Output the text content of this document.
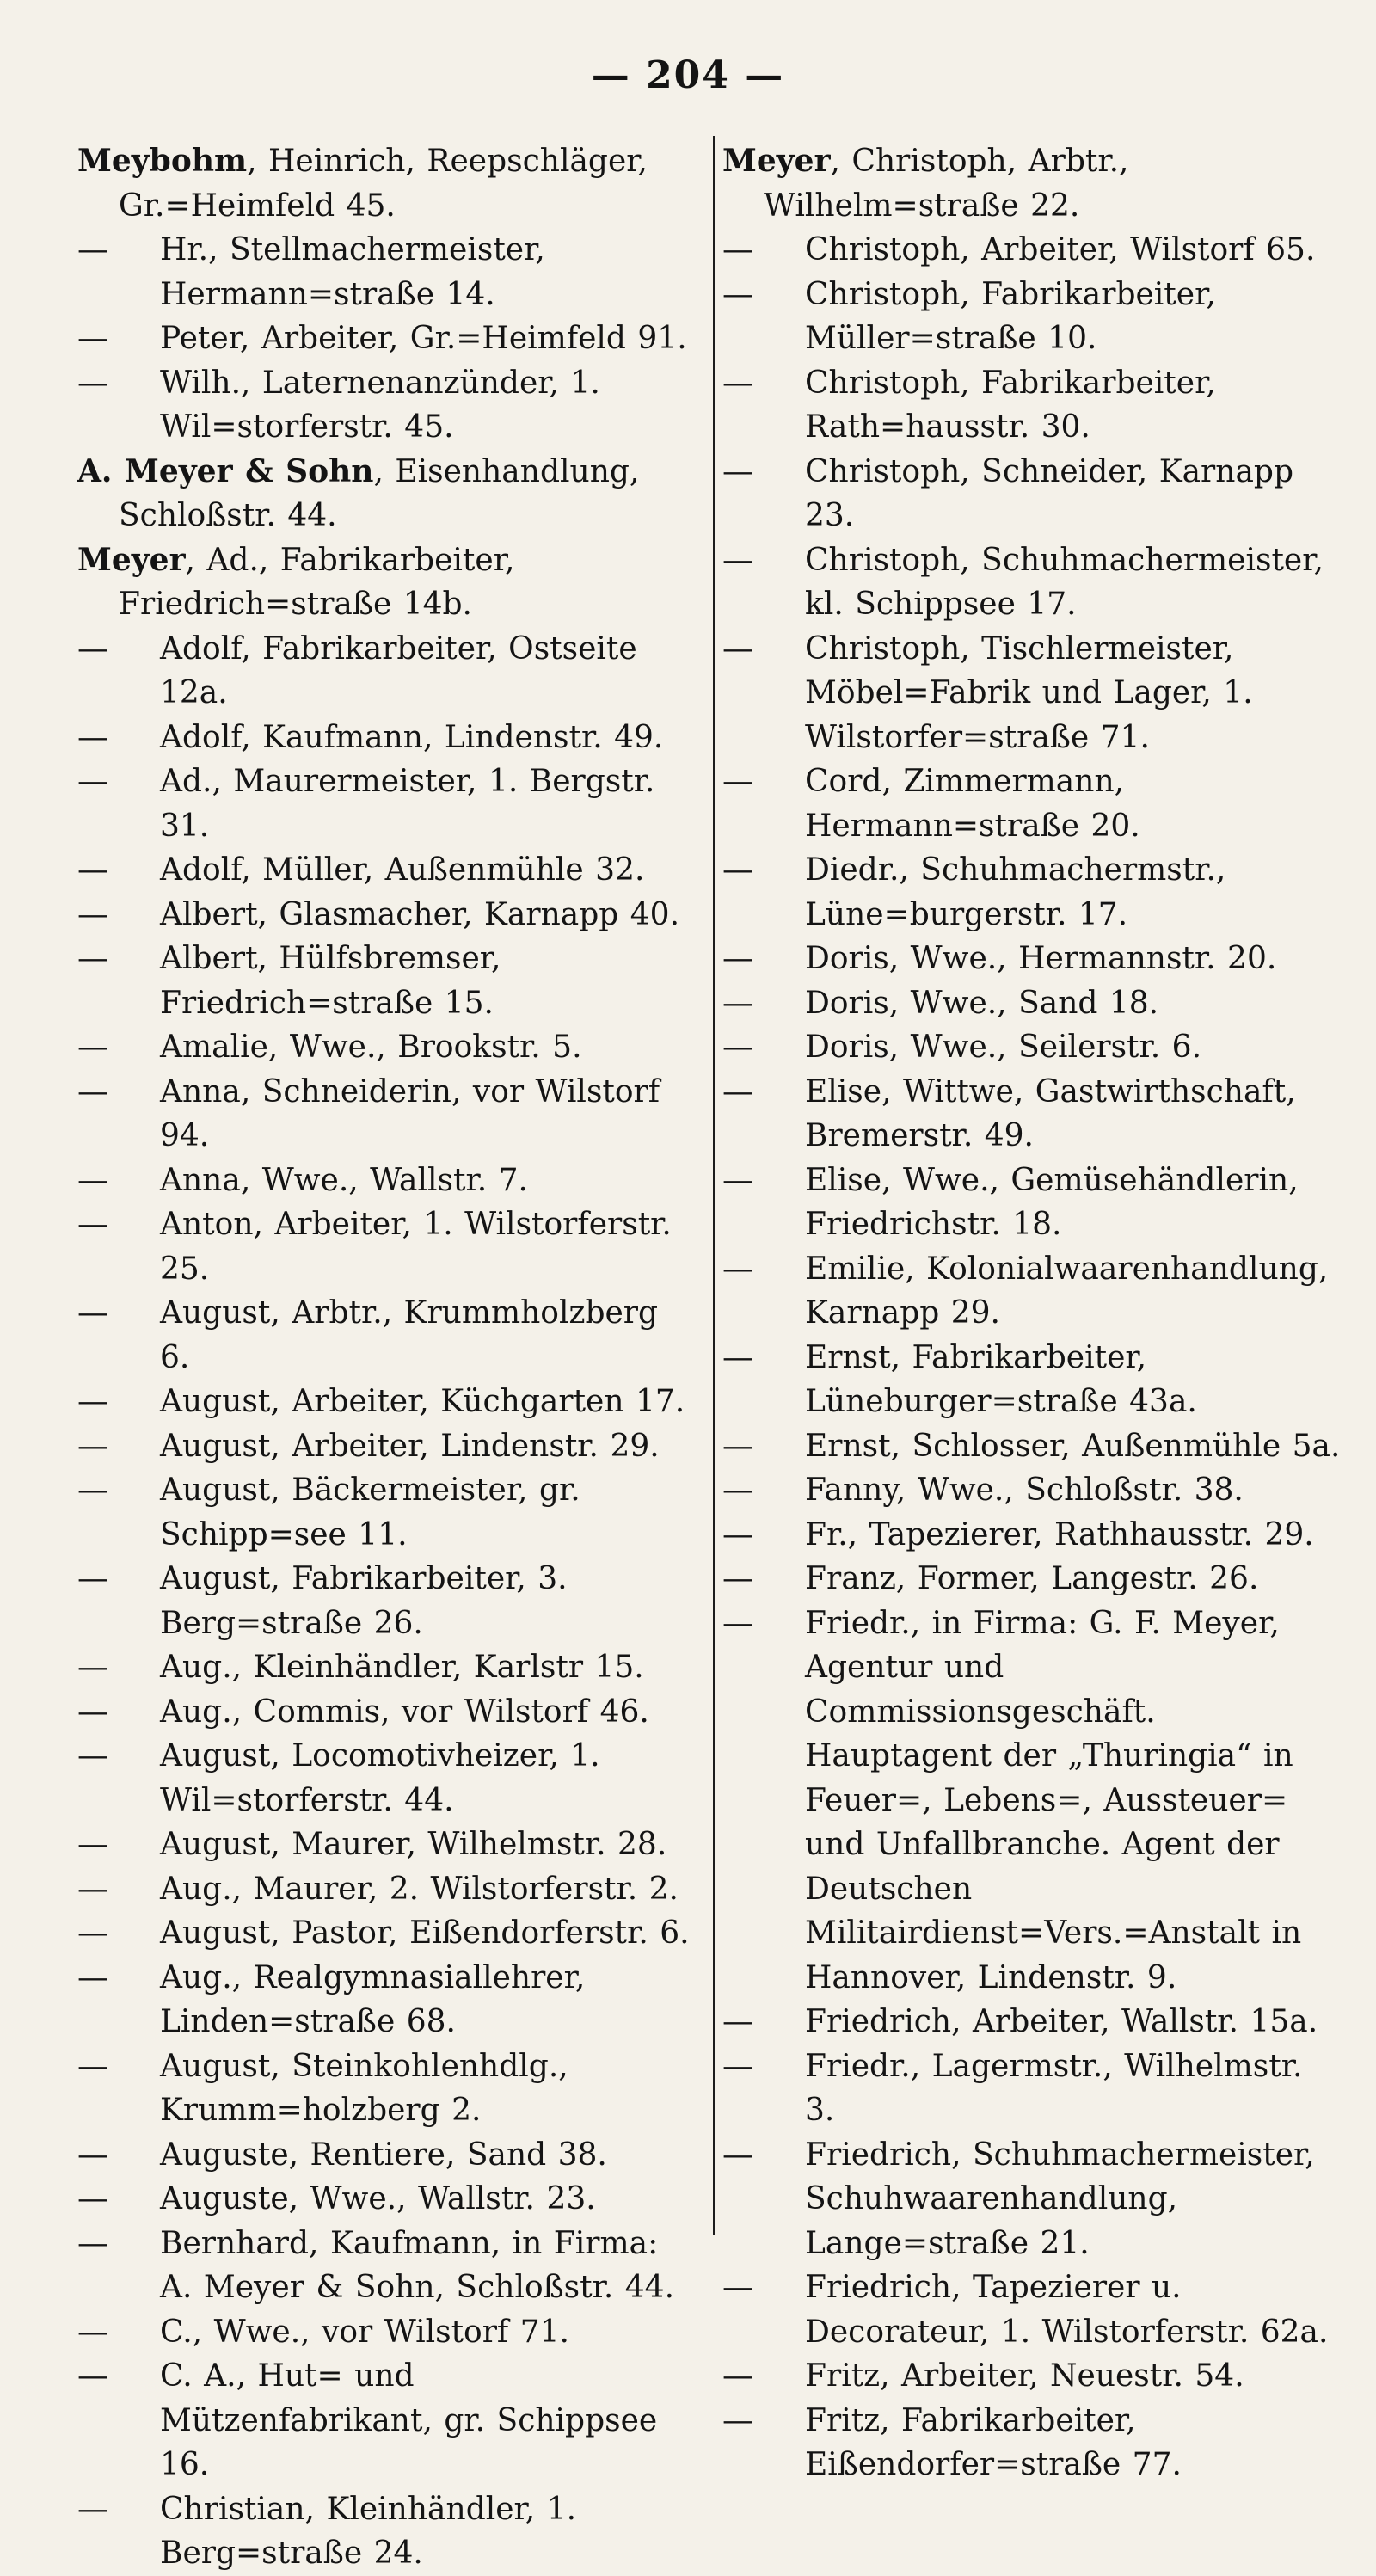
— 204 —
Meybohm, Heinrich, Reepschläger, Gr.=Heimfeld 45.
— Hr., Stellmachermeister, Hermann=straße 14.
— Peter, Arbeiter, Gr.=Heimfeld 91.
— Wilh., Laternenanzünder, 1. Wil=storferstr. 45.
A. Meyer & Sohn, Eisenhandlung, Schloßstr. 44.
Meyer, Ad., Fabrikarbeiter, Friedrich=straße 14b.
— Adolf, Fabrikarbeiter, Ostseite 12a.
— Adolf, Kaufmann, Lindenstr. 49.
— Ad., Maurermeister, 1. Bergstr. 31.
— Adolf, Müller, Außenmühle 32.
— Albert, Glasmacher, Karnapp 40.
— Albert, Hülfsbremser, Friedrich=straße 15.
— Amalie, Wwe., Brookstr. 5.
— Anna, Schneiderin, vor Wilstorf 94.
— Anna, Wwe., Wallstr. 7.
— Anton, Arbeiter, 1. Wilstorferstr. 25.
— August, Arbtr., Krummholzberg 6.
— August, Arbeiter, Küchgarten 17.
— August, Arbeiter, Lindenstr. 29.
— August, Bäckermeister, gr. Schipp=see 11.
— August, Fabrikarbeiter, 3. Berg=straße 26.
— Aug., Kleinhändler, Karlstr 15.
— Aug., Commis, vor Wilstorf 46.
— August, Locomotivheizer, 1. Wil=storferstr. 44.
— August, Maurer, Wilhelmstr. 28.
— Aug., Maurer, 2. Wilstorferstr. 2.
— August, Pastor, Eißendorferstr. 6.
— Aug., Realgymnasiallehrer, Linden=straße 68.
— August, Steinkohlenhdlg., Krumm=holzberg 2.
— Auguste, Rentiere, Sand 38.
— Auguste, Wwe., Wallstr. 23.
— Bernhard, Kaufmann, in Firma: A. Meyer & Sohn, Schloßstr. 44.
— C., Wwe., vor Wilstorf 71.
— C. A., Hut= und Mützenfabrikant, gr. Schippsee 16.
— Christian, Kleinhändler, 1. Berg=straße 24.
Meyer, Christoph, Arbtr., Wilhelm=straße 22.
— Christoph, Arbeiter, Wilstorf 65.
— Christoph, Fabrikarbeiter, Müller=straße 10.
— Christoph, Fabrikarbeiter, Rath=hausstr. 30.
— Christoph, Schneider, Karnapp 23.
— Christoph, Schuhmachermeister, kl. Schippsee 17.
— Christoph, Tischlermeister, Möbel=Fabrik und Lager, 1. Wilstorfer=straße 71.
— Cord, Zimmermann, Hermann=straße 20.
— Diedr., Schuhmachermstr., Lüne=burgerstr. 17.
— Doris, Wwe., Hermannstr. 20.
— Doris, Wwe., Sand 18.
— Doris, Wwe., Seilerstr. 6.
— Elise, Wittwe, Gastwirthschaft, Bremerstr. 49.
— Elise, Wwe., Gemüsehändlerin, Friedrichstr. 18.
— Emilie, Kolonialwaarenhandlung, Karnapp 29.
— Ernst, Fabrikarbeiter, Lüneburger=straße 43a.
— Ernst, Schlosser, Außenmühle 5a.
— Fanny, Wwe., Schloßstr. 38.
— Fr., Tapezierer, Rathhausstr. 29.
— Franz, Former, Langestr. 26.
— Friedr., in Firma: G. F. Meyer, Agentur und Commissionsgeschäft. Hauptagent der „Thuringia“ in Feuer=, Lebens=, Aussteuer= und Unfallbranche. Agent der Deutschen Militairdienst=Vers.=Anstalt in Hannover, Lindenstr. 9.
— Friedrich, Arbeiter, Wallstr. 15a.
— Friedr., Lagermstr., Wilhelmstr. 3.
— Friedrich, Schuhmachermeister, Schuhwaarenhandlung, Lange=straße 21.
— Friedrich, Tapezierer u. Decorateur, 1. Wilstorferstr. 62a.
— Fritz, Arbeiter, Neuestr. 54.
— Fritz, Fabrikarbeiter, Eißendorfer=straße 77.
